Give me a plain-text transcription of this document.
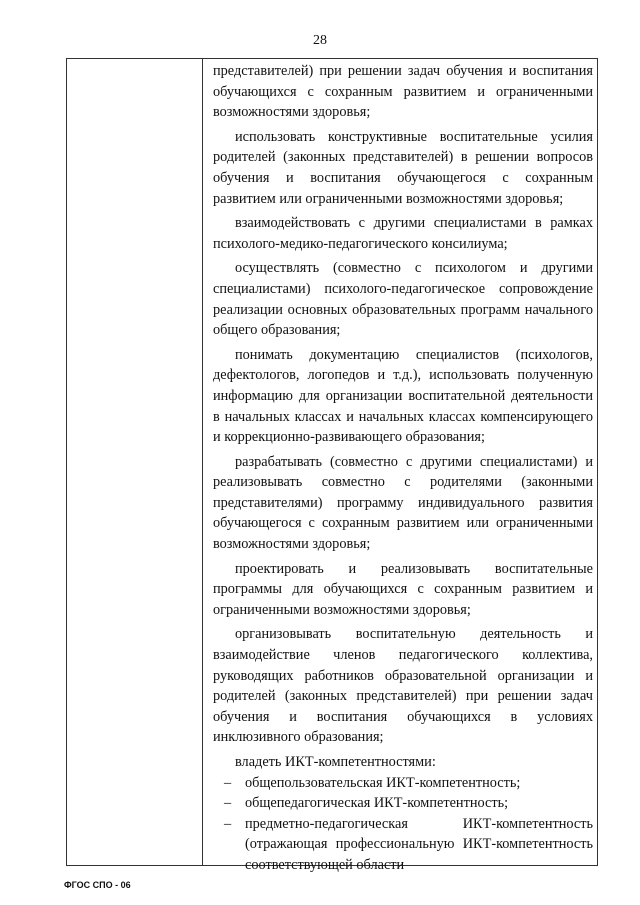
28

представителей) при решении задач обучения и воспитания обучающихся с сохранным развитием и ограниченными возможностями здоровья;

использовать конструктивные воспитательные усилия родителей (законных представителей) в решении вопросов обучения и воспитания обучающегося с сохранным развитием или ограниченными возможностями здоровья;

взаимодействовать с другими специалистами в рамках психолого-медико-педагогического консилиума;

осуществлять (совместно с психологом и другими специалистами) психолого-педагогическое сопровождение реализации основных образовательных программ начального общего образования;

понимать документацию специалистов (психологов, дефектологов, логопедов и т.д.), использовать полученную информацию для организации воспитательной деятельности в начальных классах и начальных классах компенсирующего и коррекционно-развивающего образования;

разрабатывать (совместно с другими специалистами) и реализовывать совместно с родителями (законными представителями) программу индивидуального развития обучающегося с сохранным развитием или ограниченными возможностями здоровья;

проектировать и реализовывать воспитательные программы для обучающихся с сохранным развитием и ограниченными возможностями здоровья;

организовывать воспитательную деятельность и взаимодействие членов педагогического коллектива, руководящих работников образовательной организации и родителей (законных представителей) при решении задач обучения и воспитания обучающихся в условиях инклюзивного образования;

владеть ИКТ-компетентностями:

– общепользовательская ИКТ-компетентность;
– общепедагогическая ИКТ-компетентность;
– предметно-педагогическая ИКТ-компетентность (отражающая профессиональную ИКТ-компетентность соответствующей области
ФГОС СПО - 06
